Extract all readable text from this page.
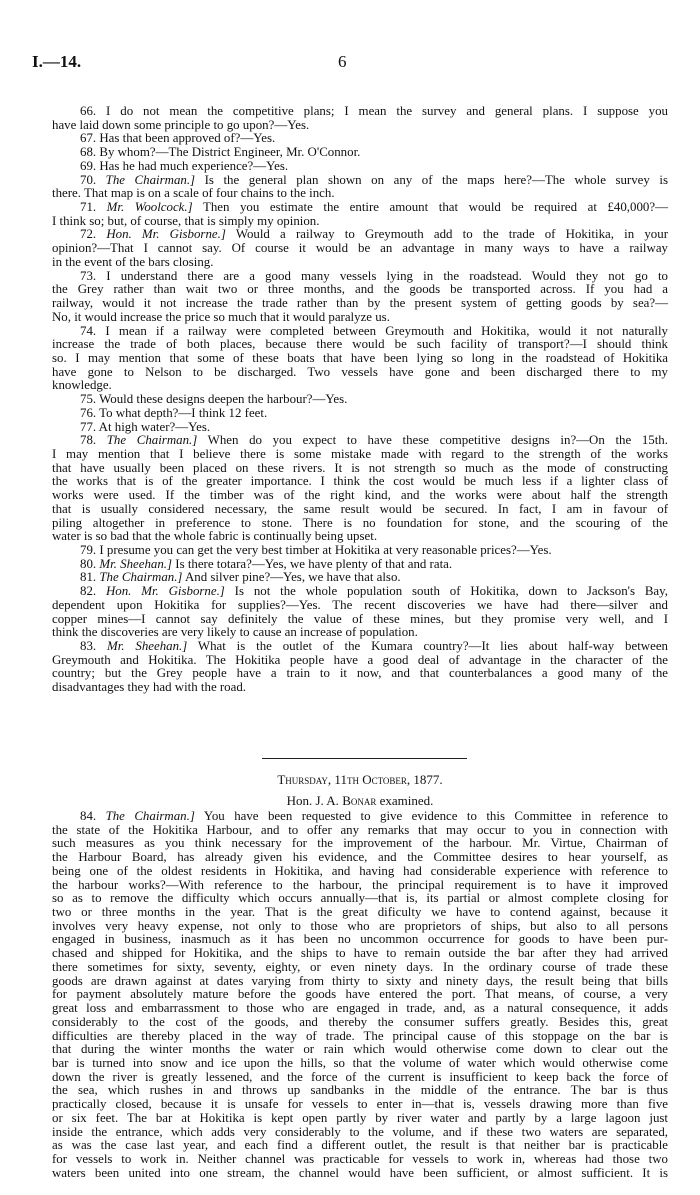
I.—14.	6
66. I do not mean the competitive plans; I mean the survey and general plans. I suppose you
have laid down some principle to go upon?—Yes.
67. Has that been approved of?—Yes.
68. By whom?—The District Engineer, Mr. O'Connor.
69. Has he had much experience?—Yes.
70. The Chairman.] Is the general plan shown on any of the maps here?—The whole survey is
there. That map is on a scale of four chains to the inch.
71. Mr. Woolcock.] Then you estimate the entire amount that would be required at £40,000?—
I think so; but, of course, that is simply my opinion.
72. Hon. Mr. Gisborne.] Would a railway to Greymouth add to the trade of Hokitika, in your
opinion?—That I cannot say. Of course it would be an advantage in many ways to have a railway
in the event of the bars closing.
73. I understand there are a good many vessels lying in the roadstead. Would they not go to
the Grey rather than wait two or three months, and the goods be transported across. If you had a
railway, would it not increase the trade rather than by the present system of getting goods by sea?—
No, it would increase the price so much that it would paralyze us.
74. I mean if a railway were completed between Greymouth and Hokitika, would it not naturally
increase the trade of both places, because there would be such facility of transport?—I should think
so. I may mention that some of these boats that have been lying so long in the roadstead of Hokitika
have gone to Nelson to be discharged. Two vessels have gone and been discharged there to my
knowledge.
75. Would these designs deepen the harbour?—Yes.
76. To what depth?—I think 12 feet.
77. At high water?—Yes.
78. The Chairman.] When do you expect to have these competitive designs in?—On the 15th.
I may mention that I believe there is some mistake made with regard to the strength of the works
that have usually been placed on these rivers. It is not strength so much as the mode of constructing
the works that is of the greater importance. I think the cost would be much less if a lighter class of
works were used. If the timber was of the right kind, and the works were about half the strength
that is usually considered necessary, the same result would be secured. In fact, I am in favour of
piling altogether in preference to stone. There is no foundation for stone, and the scouring of the
water is so bad that the whole fabric is continually being upset.
79. I presume you can get the very best timber at Hokitika at very reasonable prices?—Yes.
80. Mr. Sheehan.] Is there totara?—Yes, we have plenty of that and rata.
81. The Chairman.] And silver pine?—Yes, we have that also.
82. Hon. Mr. Gisborne.] Is not the whole population south of Hokitika, down to Jackson's Bay,
dependent upon Hokitika for supplies?—Yes. The recent discoveries we have had there—silver and
copper mines—I cannot say definitely the value of these mines, but they promise very well, and I
think the discoveries are very likely to cause an increase of population.
83. Mr. Sheehan.] What is the outlet of the Kumara country?—It lies about half-way between
Greymouth and Hokitika. The Hokitika people have a good deal of advantage in the character of the
country; but the Grey people have a train to it now, and that counterbalances a good many of the
disadvantages they had with the road.
Thursday, 11th October, 1877.
Hon. J. A. Bonar examined.
84. The Chairman.] You have been requested to give evidence to this Committee in reference to
the state of the Hokitika Harbour, and to offer any remarks that may occur to you in connection with
such measures as you think necessary for the improvement of the harbour. Mr. Virtue, Chairman of
the Harbour Board, has already given his evidence, and the Committee desires to hear yourself, as
being one of the oldest residents in Hokitika, and having had considerable experience with reference to
the harbour works?—With reference to the harbour, the principal requirement is to have it improved
so as to remove the difficulty which occurs annually—that is, its partial or almost complete closing for
two or three months in the year. That is the great dificulty we have to contend against, because it
involves very heavy expense, not only to those who are proprietors of ships, but also to all persons
engaged in business, inasmuch as it has been no uncommon occurrence for goods to have been pur-
chased and shipped for Hokitika, and the ships to have to remain outside the bar after they had arrived
there sometimes for sixty, seventy, eighty, or even ninety days. In the ordinary course of trade these
goods are drawn against at dates varying from thirty to sixty and ninety days, the result being that bills
for payment absolutely mature before the goods have entered the port. That means, of course, a very
great loss and embarrassment to those who are engaged in trade, and, as a natural consequence, it adds
considerably to the cost of the goods, and thereby the consumer suffers greatly. Besides this, great
difficulties are thereby placed in the way of trade. The principal cause of this stoppage on the bar is
that during the winter months the water or rain which would otherwise come down to clear out the
bar is turned into snow and ice upon the hills, so that the volume of water which would otherwise come
down the river is greatly lessened, and the force of the current is insufficient to keep back the force of
the sea, which rushes in and throws up sandbanks in the middle of the entrance. The bar is thus
practically closed, because it is unsafe for vessels to enter in—that is, vessels drawing more than five
or six feet. The bar at Hokitika is kept open partly by river water and partly by a large lagoon just
inside the entrance, which adds very considerably to the volume, and if these two waters are separated,
as was the case last year, and each find a different outlet, the result is that neither bar is practicable
for vessels to work in. Neither channel was practicable for vessels to work in, whereas had those two
waters been united into one stream, the channel would have been sufficient, or almost sufficient. It is
